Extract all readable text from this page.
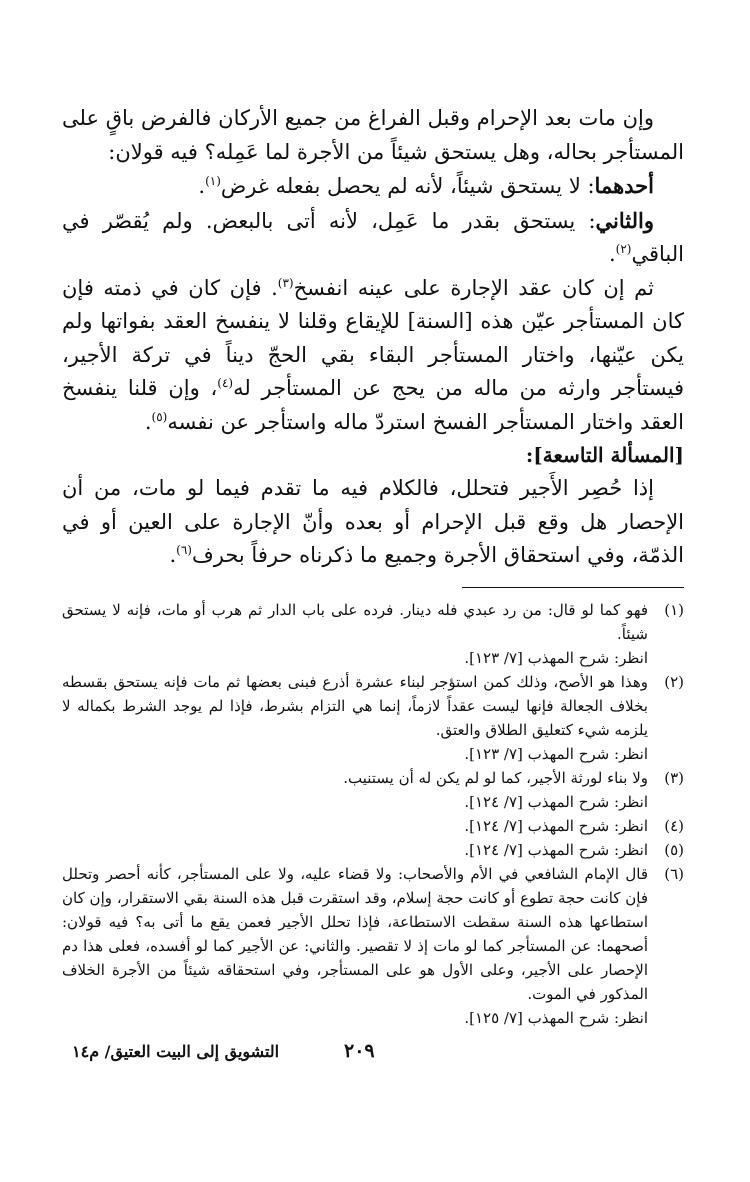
وإن مات بعد الإحرام وقبل الفراغ من جميع الأركان فالفرض باقٍ على المستأجر بحاله، وهل يستحق شيئاً من الأجرة لما عَمِله؟ فيه قولان:

أحدهما: لا يستحق شيئاً، لأنه لم يحصل بفعله غرض$^{(١)}$.

والثاني: يستحق بقدر ما عَمِل، لأنه أتى بالبعض. ولم يُقصّر في الباقي$^{(٢)}$.

ثم إن كان عقد الإجارة على عينه انفسخ$^{(٣)}$. فإن كان في ذمته فإن كان المستأجر عيّن هذه [السنة] للإيقاع وقلنا لا ينفسخ العقد بفواتها ولم يكن عيّنها، واختار المستأجر البقاء بقي الحجّ ديناً في تركة الأجير، فيستأجر وارثه من ماله من يحج عن المستأجر له$^{(٤)}$، وإن قلنا ينفسخ العقد واختار المستأجر الفسخ استردّ ماله واستأجر عن نفسه$^{(٥)}$.

[المسألة التاسعة]:

إذا حُصِر الأَجير فتحلل، فالكلام فيه ما تقدم فيما لو مات، من أن الإحصار هل وقع قبل الإحرام أو بعده وأنّ الإجارة على العين أو في الذمّة، وفي استحقاق الأجرة وجميع ما ذكرناه حرفاً بحرف$^{(٦)}$.

(١)
فهو كما لو قال: من رد عبدي فله دينار. فرده على باب الدار ثم هرب أو مات، فإنه لا يستحق شيئاً.
انظر: شرح المهذب [٧/ ١٢٣].
(٢)
وهذا هو الأصح، وذلك كمن استؤجر لبناء عشرة أذرع فبنى بعضها ثم مات فإنه يستحق بقسطه بخلاف الجعالة فإنها ليست عقداً لازماً، إنما هي التزام بشرط، فإذا لم يوجد الشرط بكماله لا يلزمه شيء كتعليق الطلاق والعتق.
انظر: شرح المهذب [٧/ ١٢٣].
(٣)
ولا بناء لورثة الأجير، كما لو لم يكن له أن يستنيب.
انظر: شرح المهذب [٧/ ١٢٤].
(٤)
انظر: شرح المهذب [٧/ ١٢٤].
(٥)
انظر: شرح المهذب [٧/ ١٢٤].
(٦)
قال الإمام الشافعي في الأم والأصحاب: ولا قضاء عليه، ولا على المستأجر، كأنه أحصر وتحلل فإن كانت حجة تطوع أو كانت حجة إسلام، وقد استقرت قبل هذه السنة بقي الاستقرار، وإن كان استطاعها هذه السنة سقطت الاستطاعة، فإذا تحلل الأجير فعمن يقع ما أتى به؟ فيه قولان: أصحهما: عن المستأجر كما لو مات إذ لا تقصير. والثاني: عن الأجير كما لو أفسده، فعلى هذا دم الإحصار على الأجير، وعلى الأول هو على المستأجر، وفي استحقاقه شيئاً من الأجرة الخلاف المذكور في الموت.
انظر: شرح المهذب [٧/ ١٢٥].
٢٠٩
التشويق إلى البيت العتيق/ م١٤
